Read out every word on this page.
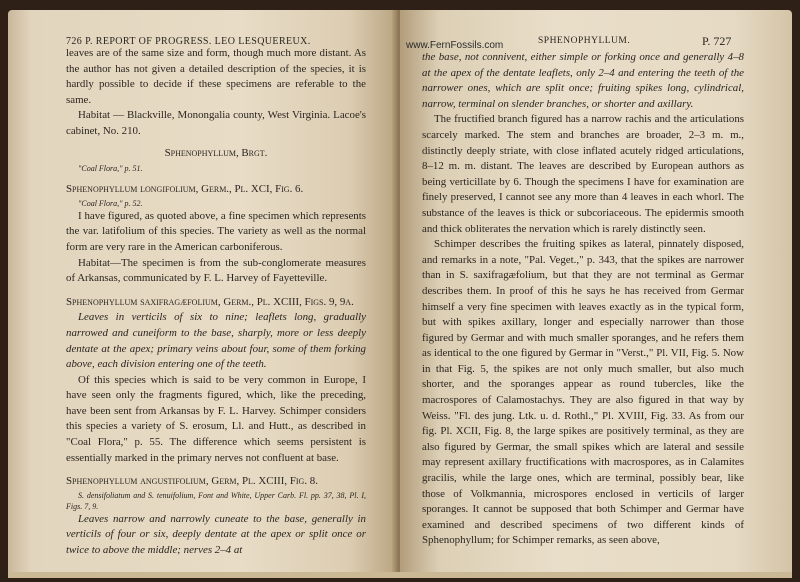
726 P. REPORT OF PROGRESS. LEO LESQUEREUX.

leaves are of the same size and form, though much more distant. As the author has not given a detailed description of the species, it is hardly possible to decide if these specimens are referable to the same.

Habitat — Blackville, Monongalia county, West Virginia. Lacoe's cabinet, No. 210.

Sphenophyllum, Brgt.

"Coal Flora," p. 51.

Sphenophyllum longifolium, Germ., Pl. XCI, Fig. 6.

"Coal Flora," p. 52.

I have figured, as quoted above, a fine specimen which represents the var. latifolium of this species. The variety as well as the normal form are very rare in the American carboniferous.

Habitat—The specimen is from the sub-conglomerate measures of Arkansas, communicated by F. L. Harvey of Fayetteville.

Sphenophyllum saxifragæfolium, Germ., Pl. XCIII, Figs. 9, 9a.

Leaves in verticils of six to nine; leaflets long, gradually narrowed and cuneiform to the base, sharply, more or less deeply dentate at the apex; primary veins about four, some of them forking above, each division entering one of the teeth.

Of this species which is said to be very common in Europe, I have seen only the fragments figured, which, like the preceding, have been sent from Arkansas by F. L. Harvey. Schimper considers this species a variety of S. erosum, Ll. and Hutt., as described in "Coal Flora," p. 55. The difference which seems persistent is essentially marked in the primary nerves not confluent at base.

Sphenophyllum angustifolium, Germ, Pl. XCIII, Fig. 8.

S. densifoliatum and S. tenuifolium, Font and White, Upper Carb. Fl. pp. 37, 38, Pl. I, Figs. 7, 9.

Leaves narrow and narrowly cuneate to the base, generally in verticils of four or six, deeply dentate at the apex or split once or twice to above the middle; nerves 2–4 at

www.FernFossils.com	SPHENOPHYLLUM.	P. 727

the base, not connivent, either simple or forking once and generally 4–8 at the apex of the dentate leaflets, only 2–4 and entering the teeth of the narrower ones, which are split once; fruiting spikes long, cylindrical, narrow, terminal on slender branches, or shorter and axillary.

The fructified branch figured has a narrow rachis and the articulations scarcely marked. The stem and branches are broader, 2–3 m. m., distinctly deeply striate, with close inflated acutely ridged articulations, 8–12 m. m. distant. The leaves are described by European authors as being verticillate by 6. Though the specimens I have for examination are finely preserved, I cannot see any more than 4 leaves in each whorl. The substance of the leaves is thick or subcoriaceous. The epidermis smooth and thick obliterates the nervation which is rarely distinctly seen.

Schimper describes the fruiting spikes as lateral, pinnately disposed, and remarks in a note, "Pal. Veget.," p. 343, that the spikes are narrower than in S. saxifragæfolium, but that they are not terminal as Germar describes them. In proof of this he says he has received from Germar himself a very fine specimen with leaves exactly as in the typical form, but with spikes axillary, longer and especially narrower than those figured by Germar and with much smaller sporanges, and he refers them as identical to the one figured by Germar in "Verst.," Pl. VII, Fig. 5. Now in that Fig. 5, the spikes are not only much smaller, but also much shorter, and the sporanges appear as round tubercles, like the macrospores of Calamostachys. They are also figured in that way by Weiss. "Fl. des jung. Ltk. u. d. Rothl.," Pl. XVIII, Fig. 33. As from our fig. Pl. XCII, Fig. 8, the large spikes are positively terminal, as they are also figured by Germar, the small spikes which are lateral and sessile may represent axillary fructifications with macrospores, as in Calamites gracilis, while the large ones, which are terminal, possibly bear, like those of Volkmannia, microspores enclosed in verticils of larger sporanges. It cannot be supposed that both Schimper and Germar have examined and described specimens of two different kinds of Sphenophyllum; for Schimper remarks, as seen above,
